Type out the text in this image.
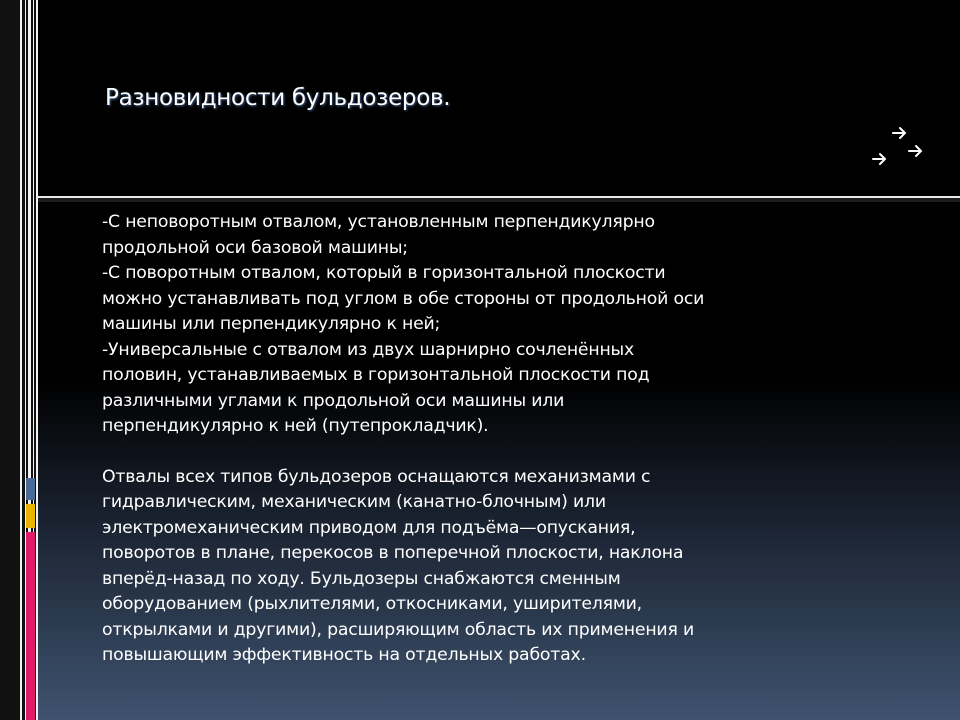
Разновидности бульдозеров.
-С неповоротным отвалом, установленным перпендикулярно
продольной оси базовой машины;
-С поворотным отвалом, который в горизонтальной плоскости
можно устанавливать под углом в обе стороны от продольной оси
машины или перпендикулярно к ней;
-Универсальные с отвалом из двух шарнирно сочленённых
половин, устанавливаемых в горизонтальной плоскости под
различными углами к продольной оси машины или
перпендикулярно к ней (путепрокладчик).
Отвалы всех типов бульдозеров оснащаются механизмами с
гидравлическим, механическим (канатно-блочным) или
электромеханическим приводом для подъёма—опускания,
поворотов в плане, перекосов в поперечной плоскости, наклона
вперёд-назад по ходу. Бульдозеры снабжаются сменным
оборудованием (рыхлителями, откосниками, уширителями,
открылками и другими), расширяющим область их применения и
повышающим эффективность на отдельных работах.
